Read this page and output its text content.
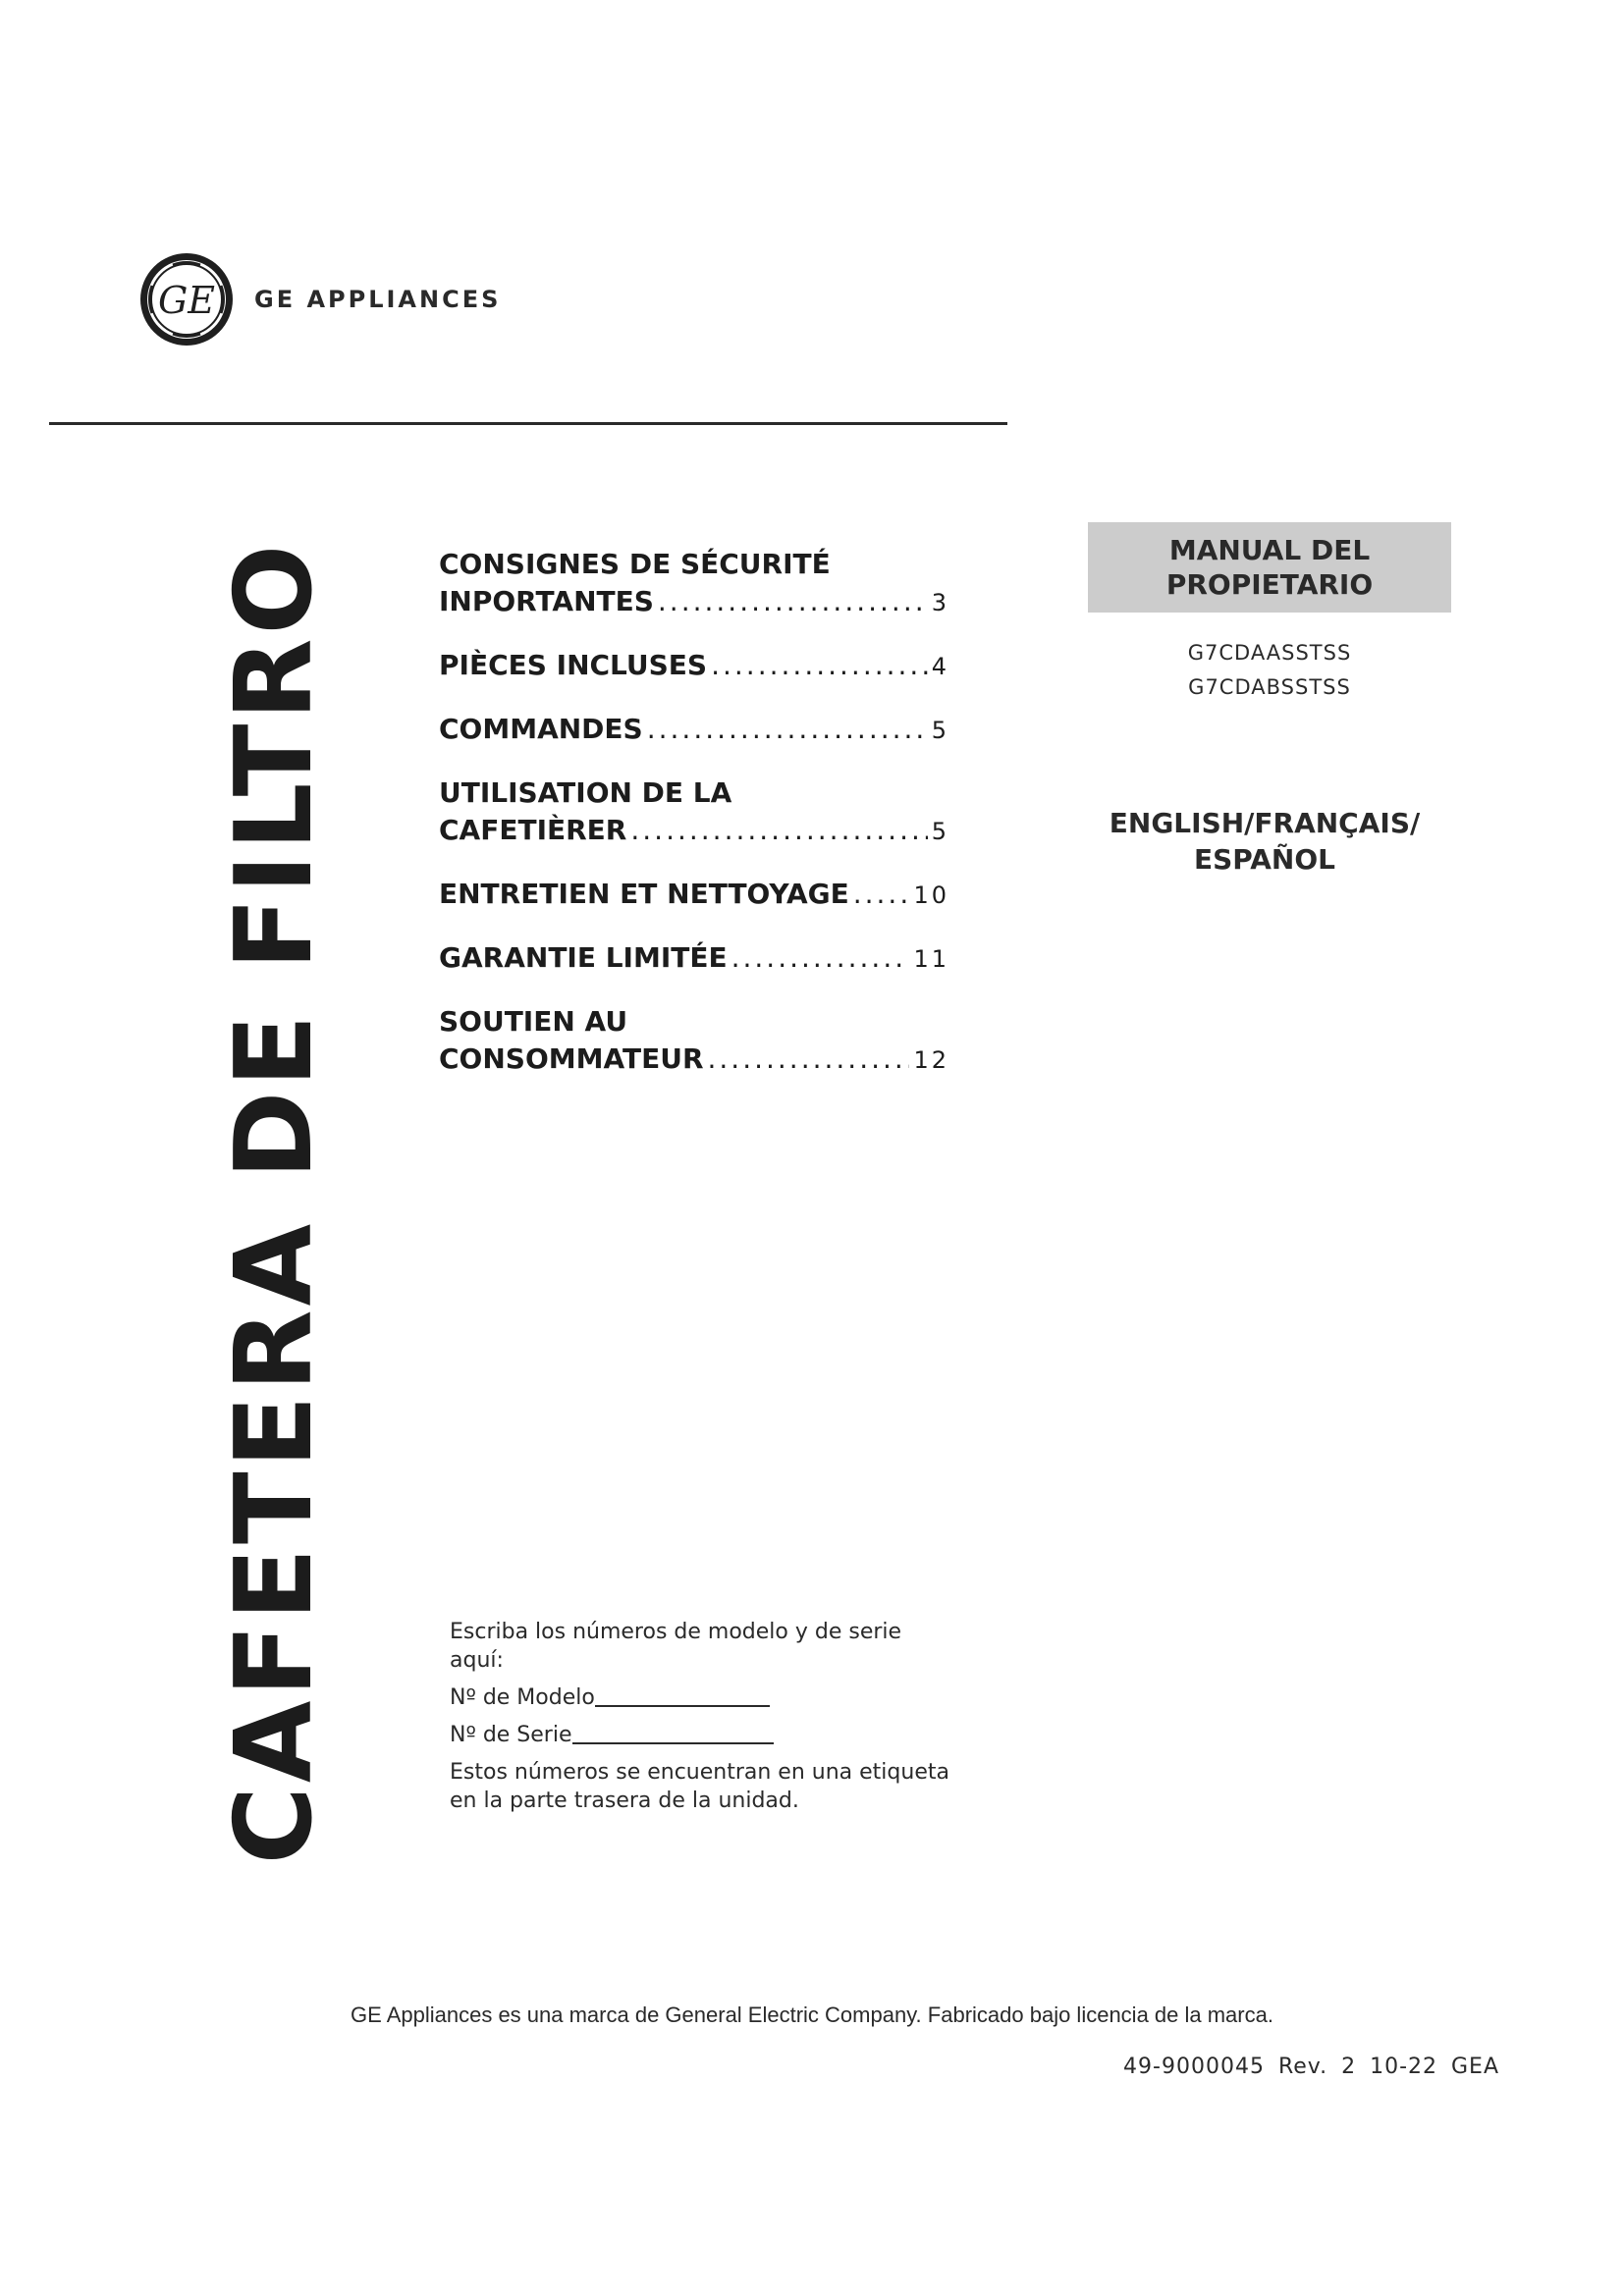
GE GE APPLIANCES
CAFETERA DE FILTRO	CONSIGNES DE SÉCURITÉ
INPORTANTES .....	3
PIÈCES INCLUSES .....	4
COMMANDES .....	5
UTILISATION DE LA
CAFETIÈRER .....	5
ENTRETIEN ET NETTOYAGE .....	10
GARANTIE LIMITÉE .....	11
SOUTIEN AU
CONSOMMATEUR .....	12
MANUAL DEL
PROPIETARIO
G7CDAASSTSS
G7CDABSSTSS
ENGLISH/FRANÇAIS/
ESPAÑOL
Escriba los números de modelo y de serie aquí:
Nº de Modelo
Nº de Serie
Estos números se encuentran en una etiqueta en la parte trasera de la unidad.
GE Appliances es una marca de General Electric Company. Fabricado bajo licencia de la marca.
49-9000045 Rev. 2 10-22 GEA
